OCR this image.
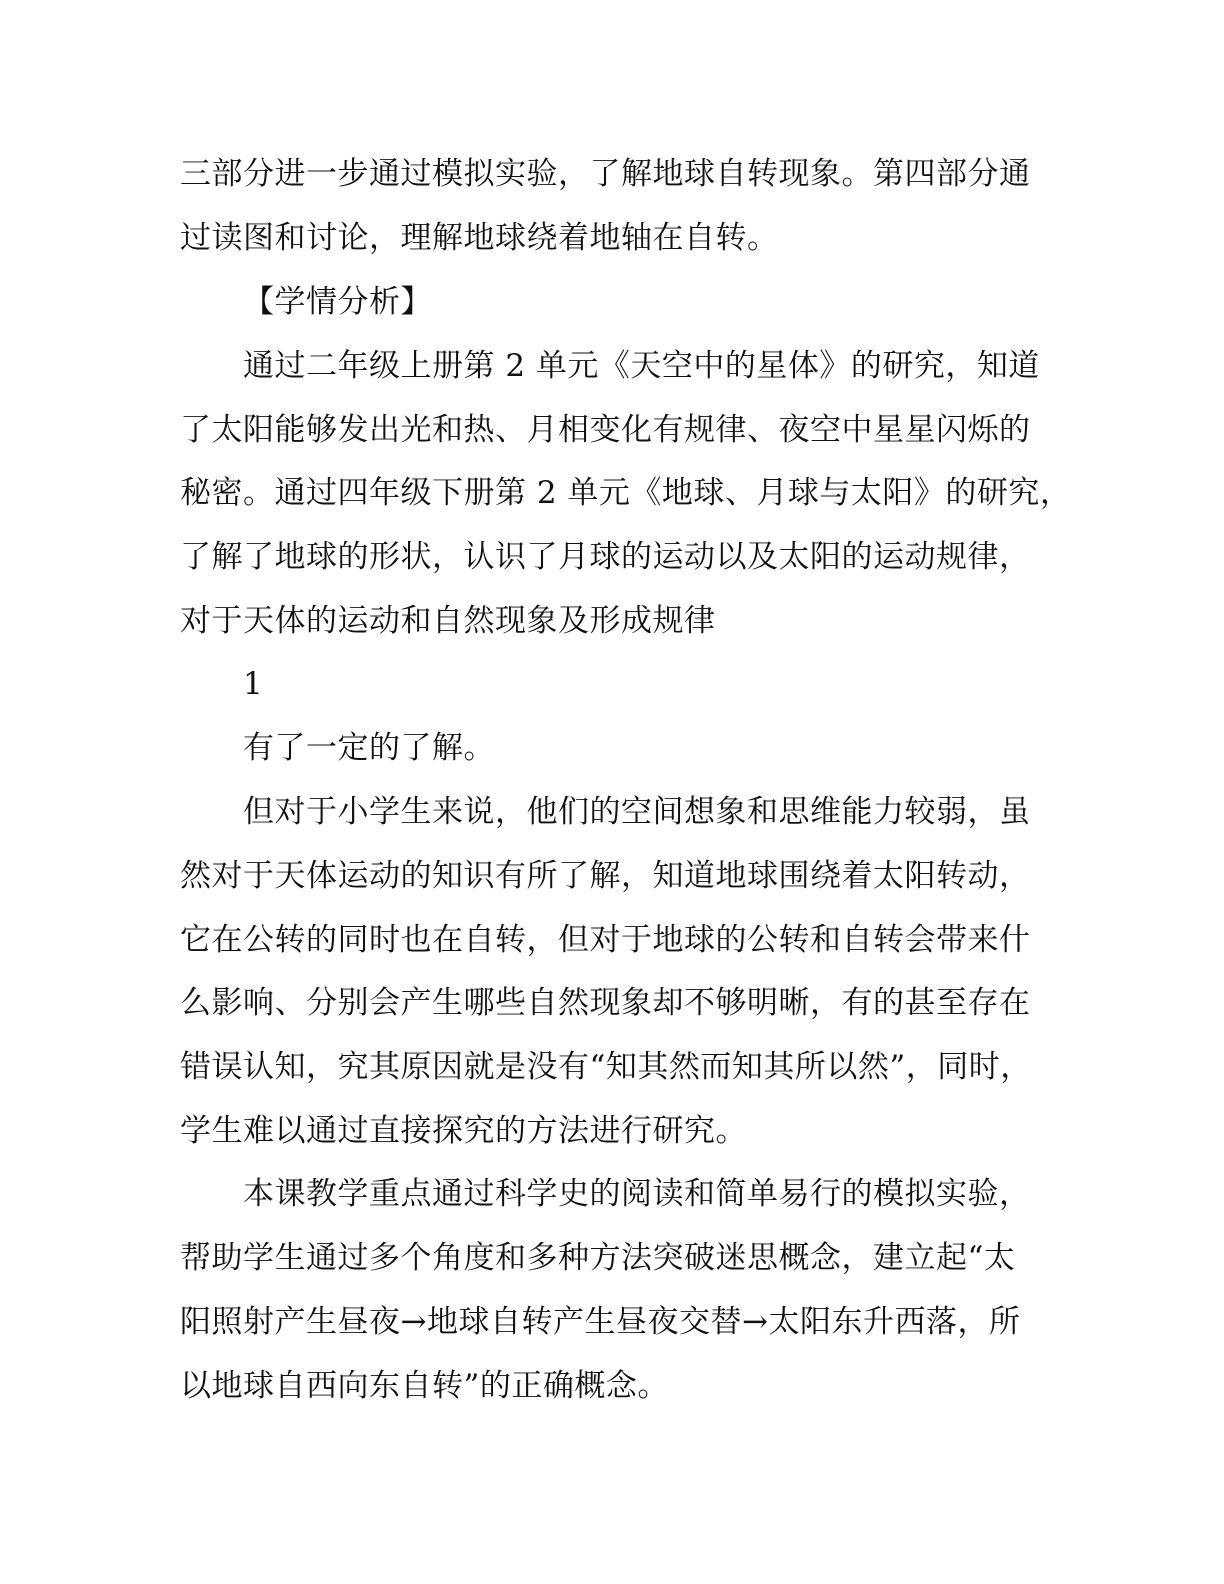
三部分进一步通过模拟实验，了解地球自转现象。第四部分通
过读图和讨论，理解地球绕着地轴在自转。
【学情分析】
通过二年级上册第 2 单元《天空中的星体》的研究，知道
了太阳能够发出光和热、月相变化有规律、夜空中星星闪烁的
秘密。通过四年级下册第 2 单元《地球、月球与太阳》的研究，
了解了地球的形状，认识了月球的运动以及太阳的运动规律，
对于天体的运动和自然现象及形成规律
1
有了一定的了解。
但对于小学生来说，他们的空间想象和思维能力较弱，虽
然对于天体运动的知识有所了解，知道地球围绕着太阳转动，
它在公转的同时也在自转，但对于地球的公转和自转会带来什
么影响、分别会产生哪些自然现象却不够明晰，有的甚至存在
错误认知，究其原因就是没有“知其然而知其所以然”，同时，
学生难以通过直接探究的方法进行研究。
本课教学重点通过科学史的阅读和简单易行的模拟实验，
帮助学生通过多个角度和多种方法突破迷思概念，建立起“太
阳照射产生昼夜→地球自转产生昼夜交替→太阳东升西落，所
以地球自西向东自转”的正确概念。
